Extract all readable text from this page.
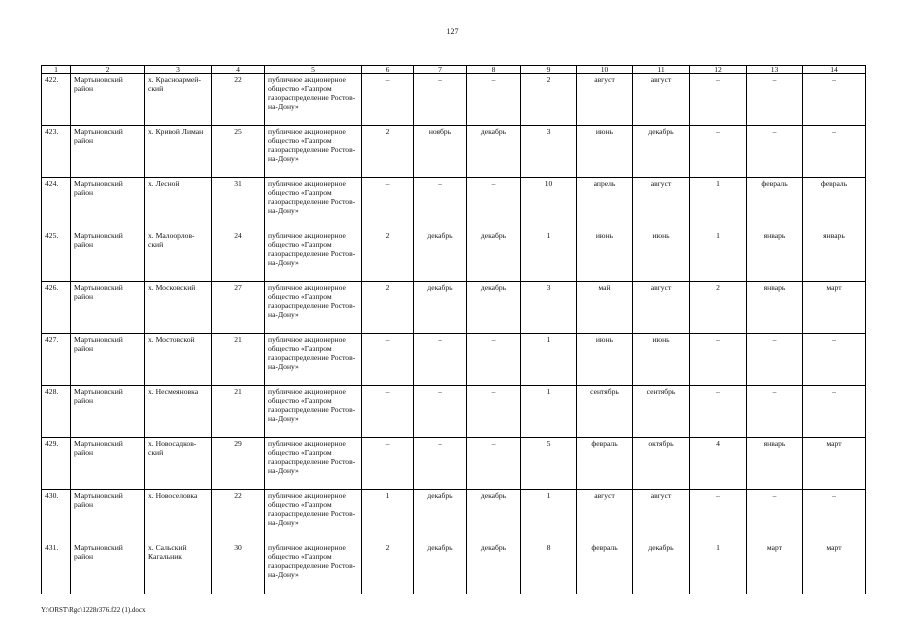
127
1	2	3	4	5	6	7	8	9	10	11	12	13	14
422.	Мартыновский район	х. Красноармей-ский	22	публичное акционерное общество «Газпром газораспределение Ростов-на-Дону»	–	–	–	2	август	август	–	–	–
423.	Мартыновский район	х. Кривой Лиман	25	публичное акционерное общество «Газпром газораспределение Ростов-на-Дону»	2	ноябрь	декабрь	3	июнь	декабрь	–	–	–
424.	Мартыновский район	х. Лесной	31	публичное акционерное общество «Газпром газораспределение Ростов-на-Дону»	–	–	–	10	апрель	август	1	февраль	февраль
425.	Мартыновский район	х. Малоорлов-ский	24	публичное акционерное общество «Газпром газораспределение Ростов-на-Дону»	2	декабрь	декабрь	1	июнь	июнь	1	январь	январь
426.	Мартыновский район	х. Московский	27	публичное акционерное общество «Газпром газораспределение Ростов-на-Дону»	2	декабрь	декабрь	3	май	август	2	январь	март
427.	Мартыновский район	х. Мостовской	21	публичное акционерное общество «Газпром газораспределение Ростов-на-Дону»	–	–	–	1	июнь	июнь	–	–	–
428.	Мартыновский район	х. Несмеяновка	21	публичное акционерное общество «Газпром газораспределение Ростов-на-Дону»	–	–	–	1	сентябрь	сентябрь	–	–	–
429.	Мартыновский район	х. Новосадков-ский	29	публичное акционерное общество «Газпром газораспределение Ростов-на-Дону»	–	–	–	5	февраль	октябрь	4	январь	март
430.	Мартыновский район	х. Новоселовка	22	публичное акционерное общество «Газпром газораспределение Ростов-на-Дону»	1	декабрь	декабрь	1	август	август	–	–	–
431.	Мартыновский район	х. Сальский Кагальник	30	публичное акционерное общество «Газпром газораспределение Ростов-на-Дону»	2	декабрь	декабрь	8	февраль	декабрь	1	март	март
Y:\ORST\Rgc\1228r376.f22 (1).docx
